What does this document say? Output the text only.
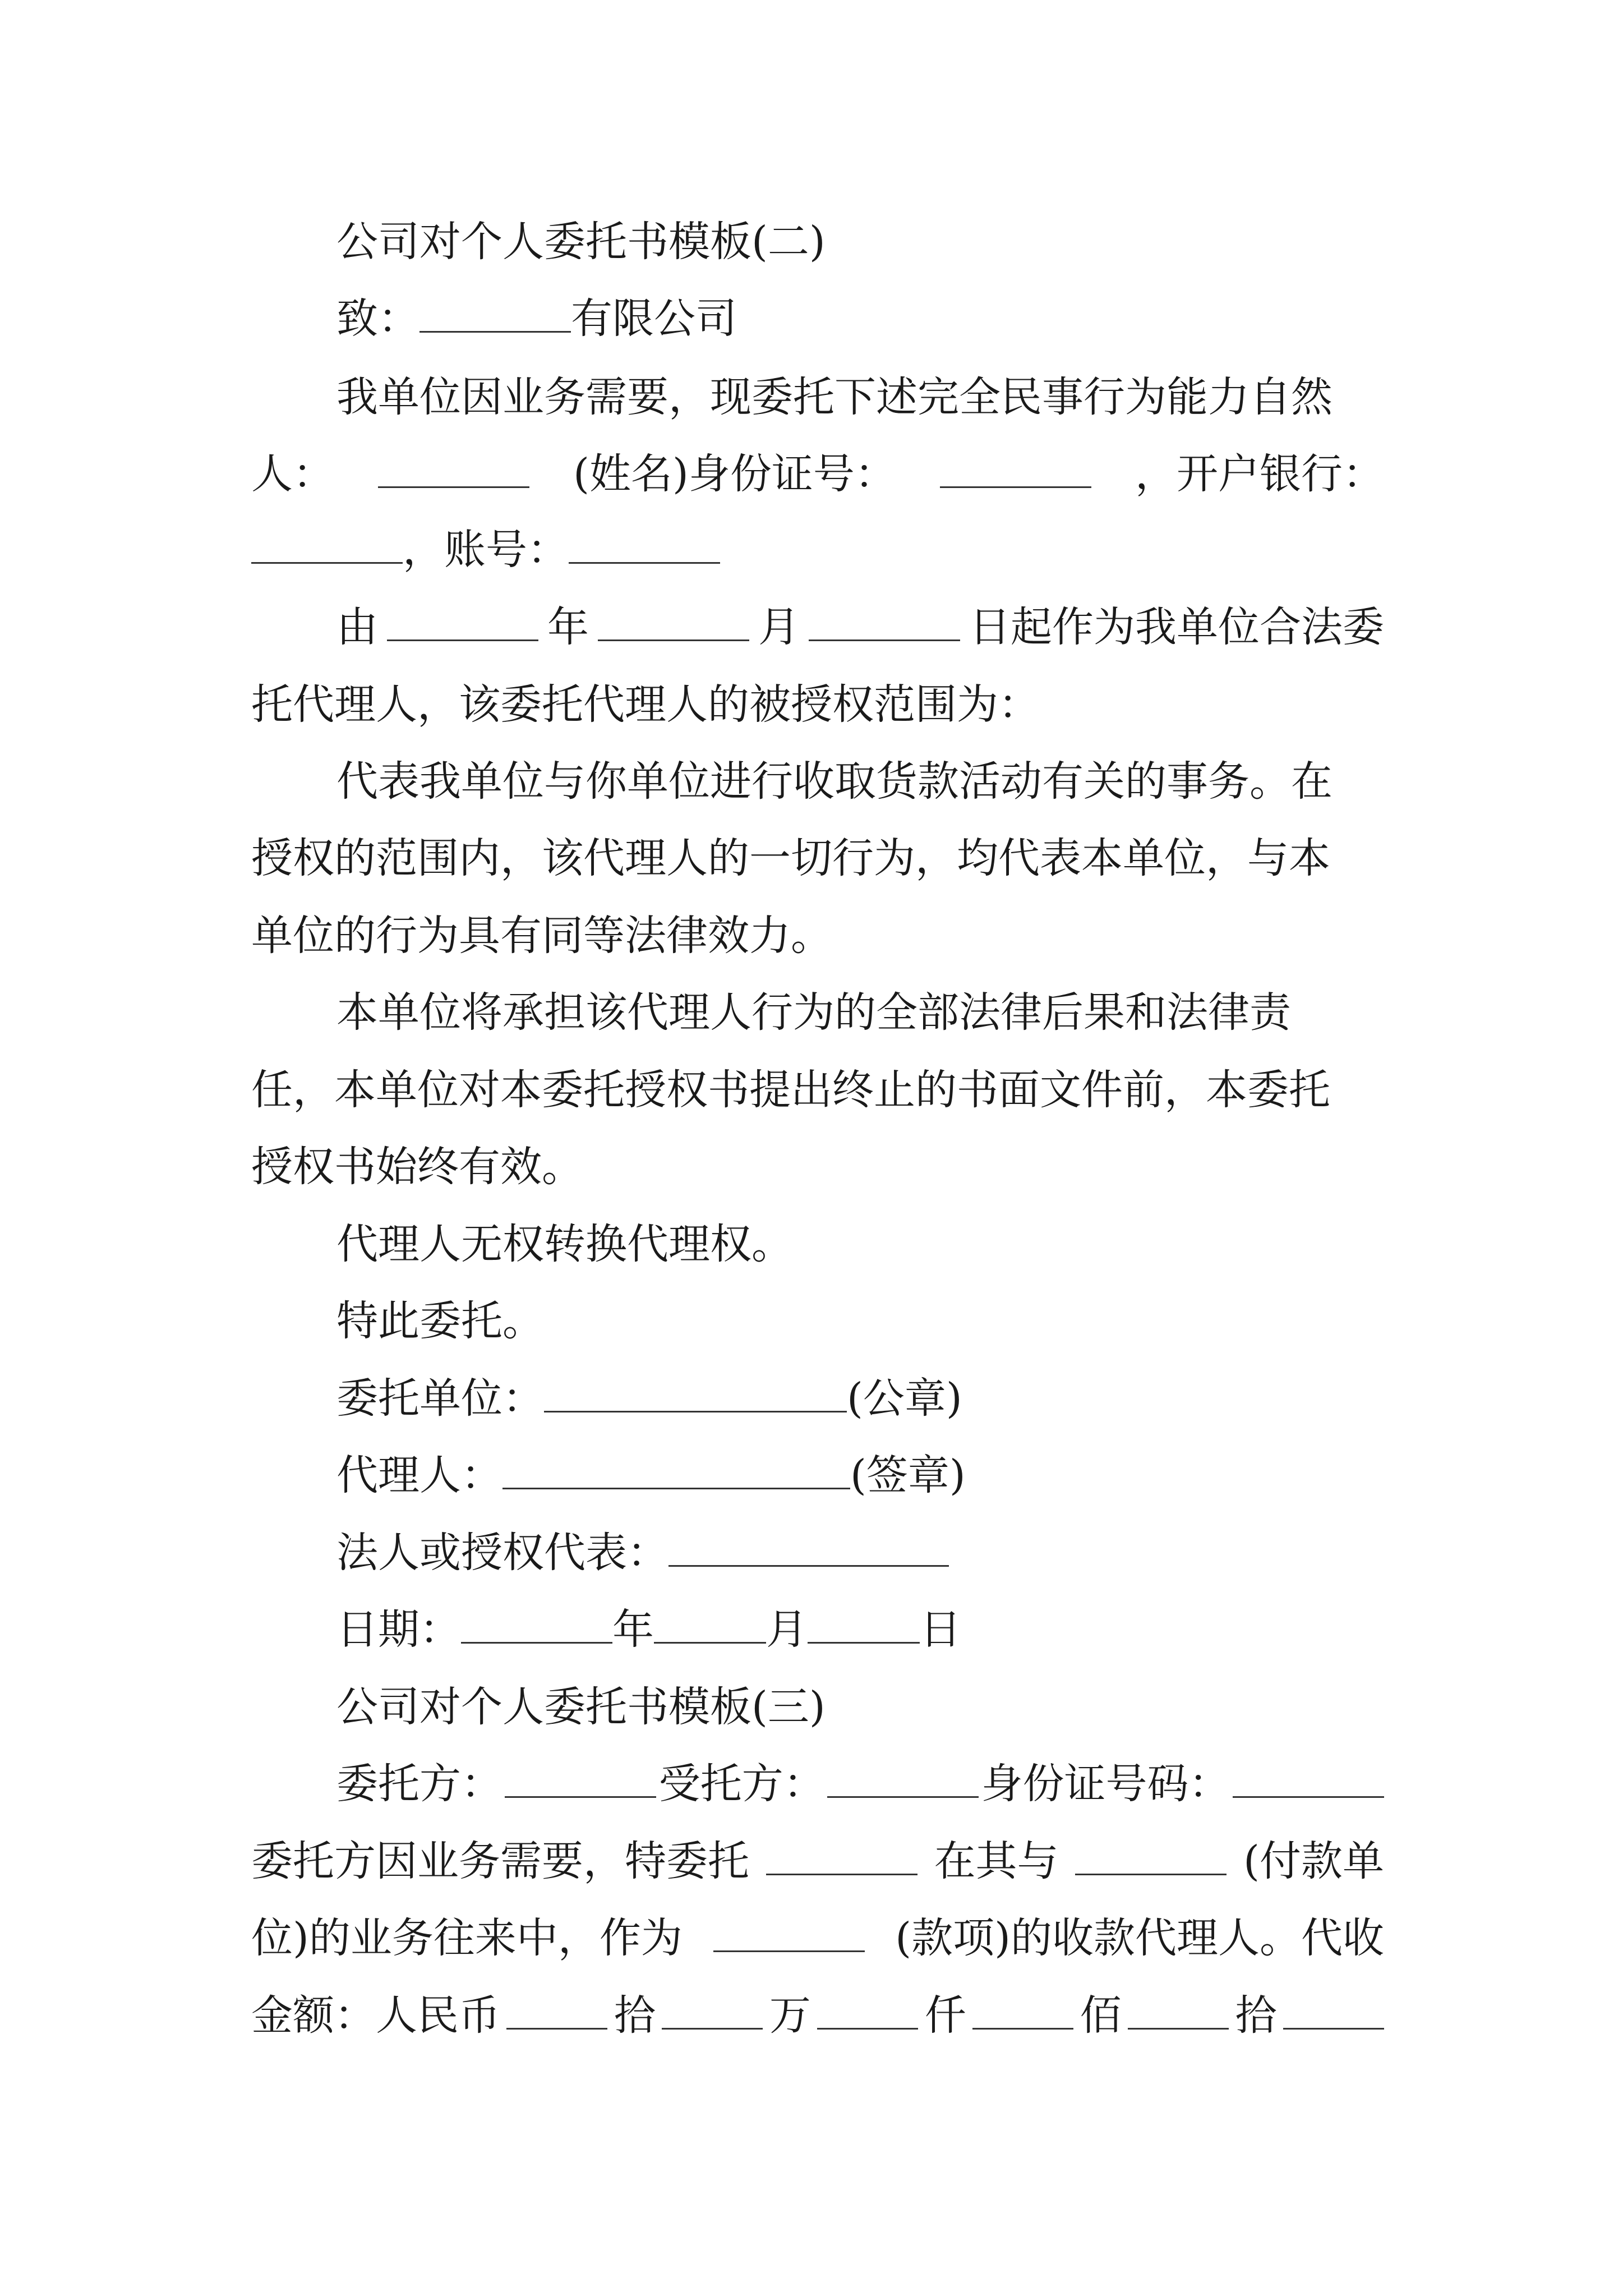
公司对个人委托书模板(二)
致：	有限公司
我单位因业务需要，现委托下述完全民事行为能力自然
人：	(姓名)身份证号：	，开户银行：
，账号：
由	年	月	日起作为我单位合法委
托代理人，该委托代理人的被授权范围为：
代表我单位与你单位进行收取货款活动有关的事务。在
授权的范围内，该代理人的一切行为，均代表本单位，与本
单位的行为具有同等法律效力。
本单位将承担该代理人行为的全部法律后果和法律责
任，本单位对本委托授权书提出终止的书面文件前，本委托
授权书始终有效。
代理人无权转换代理权。
特此委托。
委托单位：	(公章)
代理人：	(签章)
法人或授权代表：
日期：	年	月	日
公司对个人委托书模板(三)
委托方：	受托方：	身份证号码：
委托方因业务需要，特委托	在其与	(付款单
位)的业务往来中，作为	(款项)的收款代理人。代收
金额：人民币	拾	万	仟	佰	拾
